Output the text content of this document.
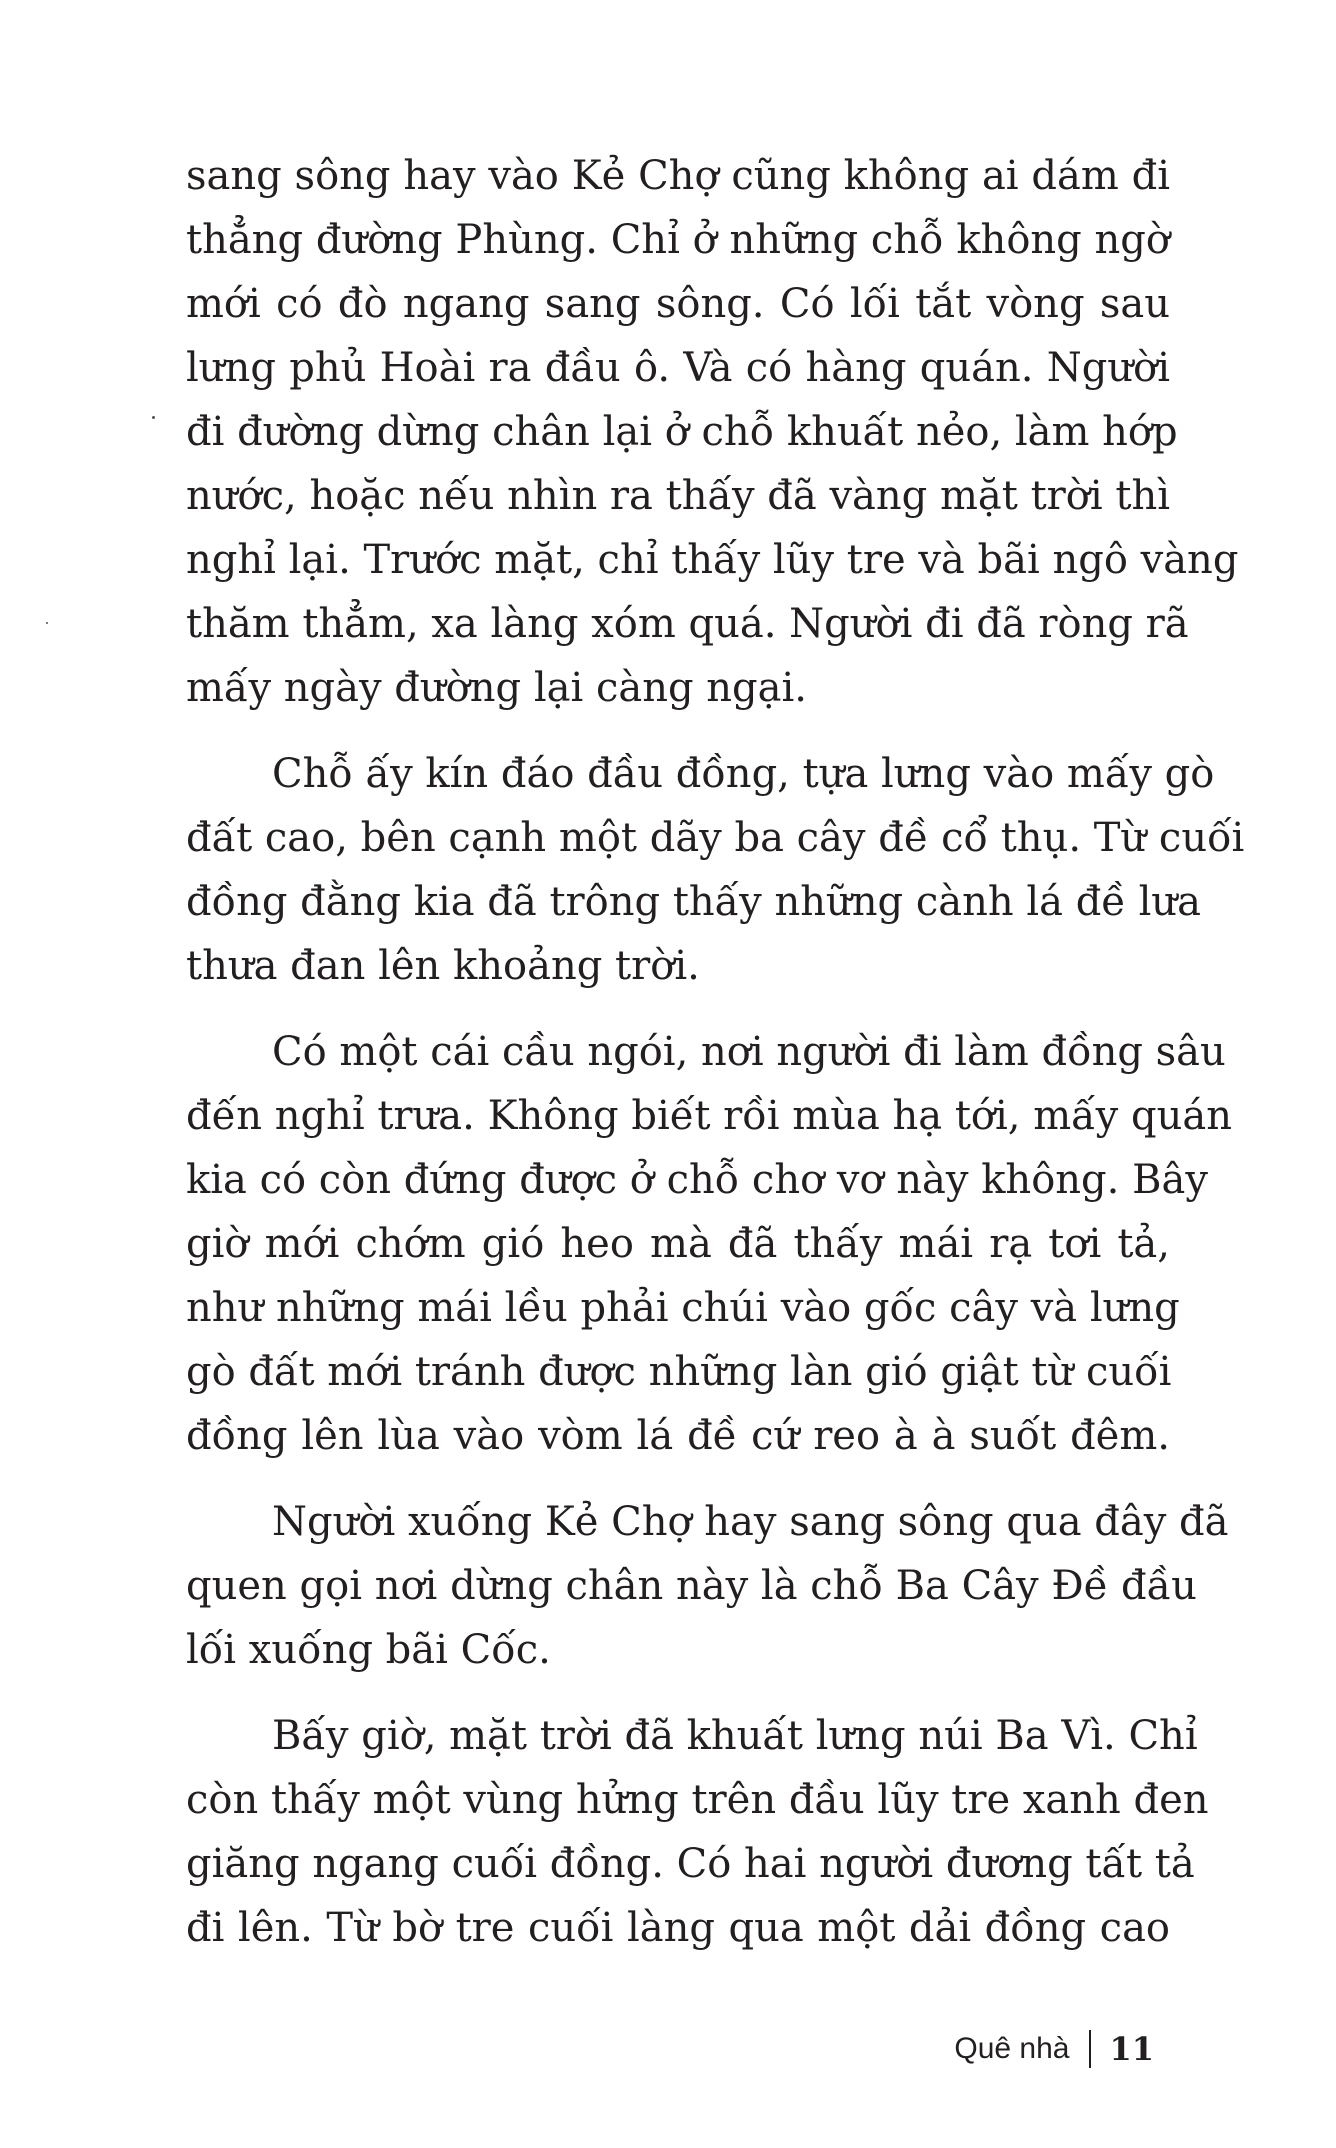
sang sông hay vào Kẻ Chợ cũng không ai dám đi
thẳng đường Phùng. Chỉ ở những chỗ không ngờ
mới có đò ngang sang sông. Có lối tắt vòng sau
lưng phủ Hoài ra đầu ô. Và có hàng quán. Người
đi đường dừng chân lại ở chỗ khuất nẻo, làm hớp
nước, hoặc nếu nhìn ra thấy đã vàng mặt trời thì
nghỉ lại. Trước mặt, chỉ thấy lũy tre và bãi ngô vàng
thăm thẳm, xa làng xóm quá. Người đi đã ròng rã
mấy ngày đường lại càng ngại.
Chỗ ấy kín đáo đầu đồng, tựa lưng vào mấy gò
đất cao, bên cạnh một dãy ba cây đề cổ thụ. Từ cuối
đồng đằng kia đã trông thấy những cành lá đề lưa
thưa đan lên khoảng trời.
Có một cái cầu ngói, nơi người đi làm đồng sâu
đến nghỉ trưa. Không biết rồi mùa hạ tới, mấy quán
kia có còn đứng được ở chỗ chơ vơ này không. Bây
giờ mới chớm gió heo mà đã thấy mái rạ tơi tả,
như những mái lều phải chúi vào gốc cây và lưng
gò đất mới tránh được những làn gió giật từ cuối
đồng lên lùa vào vòm lá đề cứ reo à à suốt đêm.
Người xuống Kẻ Chợ hay sang sông qua đây đã
quen gọi nơi dừng chân này là chỗ Ba Cây Đề đầu
lối xuống bãi Cốc.
Bấy giờ, mặt trời đã khuất lưng núi Ba Vì. Chỉ
còn thấy một vùng hửng trên đầu lũy tre xanh đen
giăng ngang cuối đồng. Có hai người đương tất tả
đi lên. Từ bờ tre cuối làng qua một dải đồng cao
Quê nhà 11
